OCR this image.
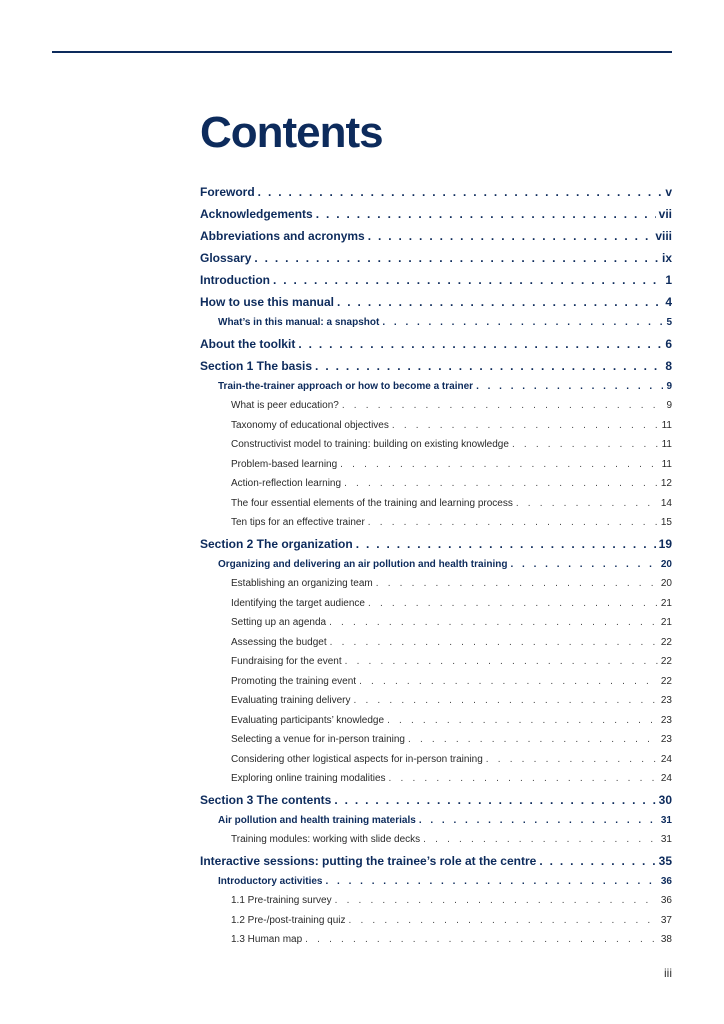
Contents
Foreword . . .	v
Acknowledgements . . .	vii
Abbreviations and acronyms . . .	viii
Glossary . . .	ix
Introduction . . .	1
How to use this manual . . .	4
What’s in this manual: a snapshot . . .	5
About the toolkit . . .	6
Section 1 The basis . . .	8
Train-the-trainer approach or how to become a trainer . . .	9
What is peer education? . . .	9
Taxonomy of educational objectives . . .	11
Constructivist model to training: building on existing knowledge . . .	11
Problem-based learning . . .	11
Action-reflection learning . . .	12
The four essential elements of the training and learning process . . .	14
Ten tips for an effective trainer . . .	15
Section 2 The organization . . .	19
Organizing and delivering an air pollution and health training . . .	20
Establishing an organizing team . . .	20
Identifying the target audience . . .	21
Setting up an agenda . . .	21
Assessing the budget . . .	22
Fundraising for the event . . .	22
Promoting the training event . . .	22
Evaluating training delivery . . .	23
Evaluating participants’ knowledge . . .	23
Selecting a venue for in-person training . . .	23
Considering other logistical aspects for in-person training . . .	24
Exploring online training modalities . . .	24
Section 3 The contents . . .	30
Air pollution and health training materials . . .	31
Training modules: working with slide decks . . .	31
Interactive sessions: putting the trainee’s role at the centre . . .	35
Introductory activities . . .	36
1.1 Pre-training survey . . .	36
1.2 Pre-/post-training quiz . . .	37
1.3 Human map . . .	38
iii
